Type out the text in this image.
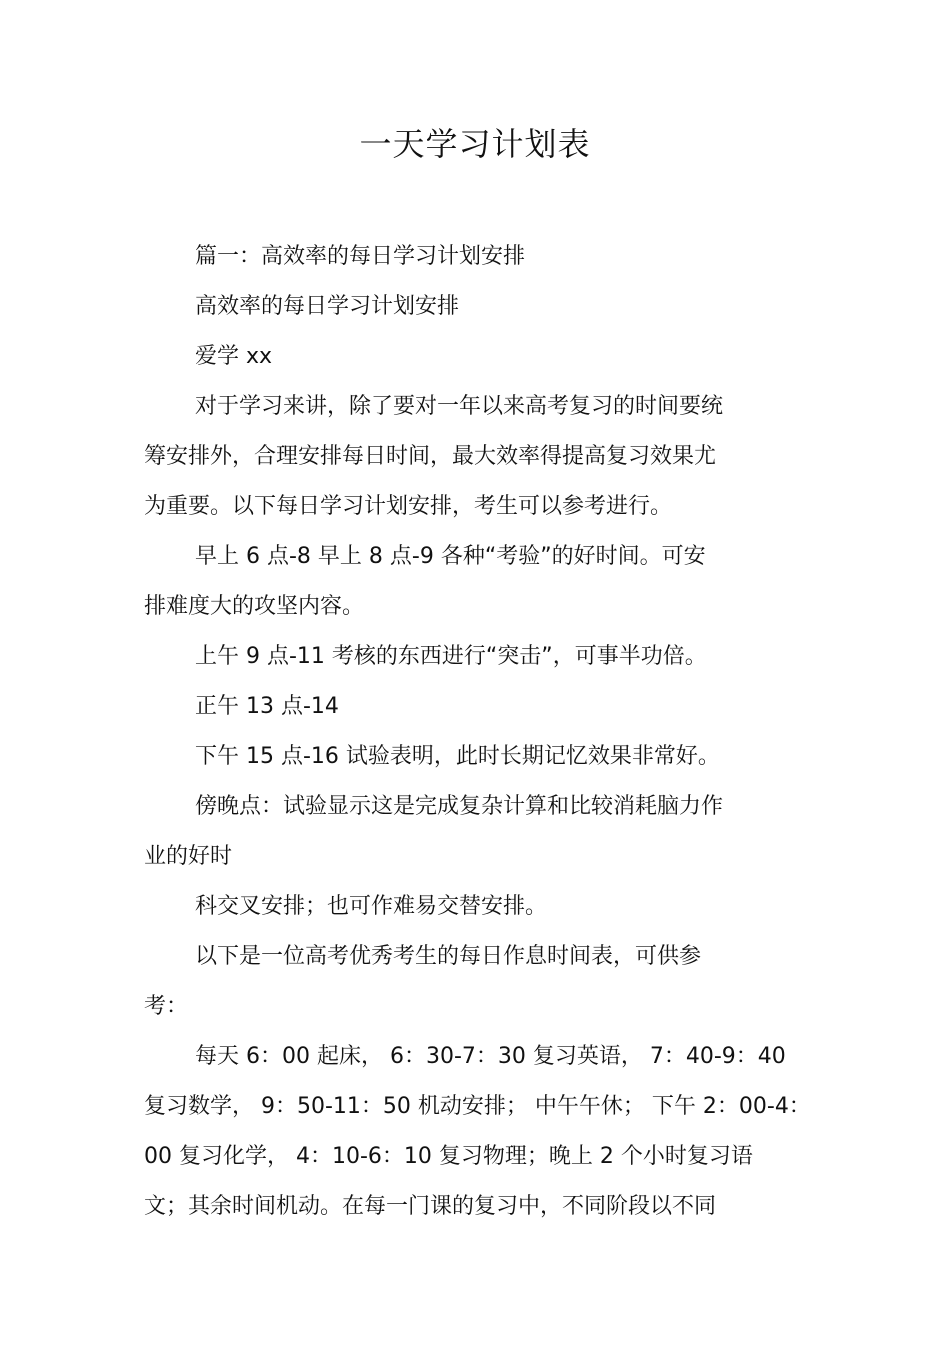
一天学习计划表

篇一：高效率的每日学习计划安排

高效率的每日学习计划安排

爱学 xx

对于学习来讲，除了要对一年以来高考复习的时间要统

筹安排外，合理安排每日时间，最大效率得提高复习效果尤

为重要。以下每日学习计划安排，考生可以参考进行。

早上 6 点-8 早上 8 点-9 各种“考验”的好时间。可安

排难度大的攻坚内容。

上午 9 点-11 考核的东西进行“突击”，可事半功倍。

正午 13 点-14

下午 15 点-16 试验表明，此时长期记忆效果非常好。

傍晚点：试验显示这是完成复杂计算和比较消耗脑力作

业的好时

科交叉安排；也可作难易交替安排。

以下是一位高考优秀考生的每日作息时间表，可供参

考：

每天 6：00 起床， 6：30-7：30 复习英语， 7：40-9：40

复习数学， 9：50-11：50 机动安排； 中午午休； 下午 2：00-4：

00 复习化学， 4：10-6：10 复习物理；晚上 2 个小时复习语

文；其余时间机动。在每一门课的复习中，不同阶段以不同
